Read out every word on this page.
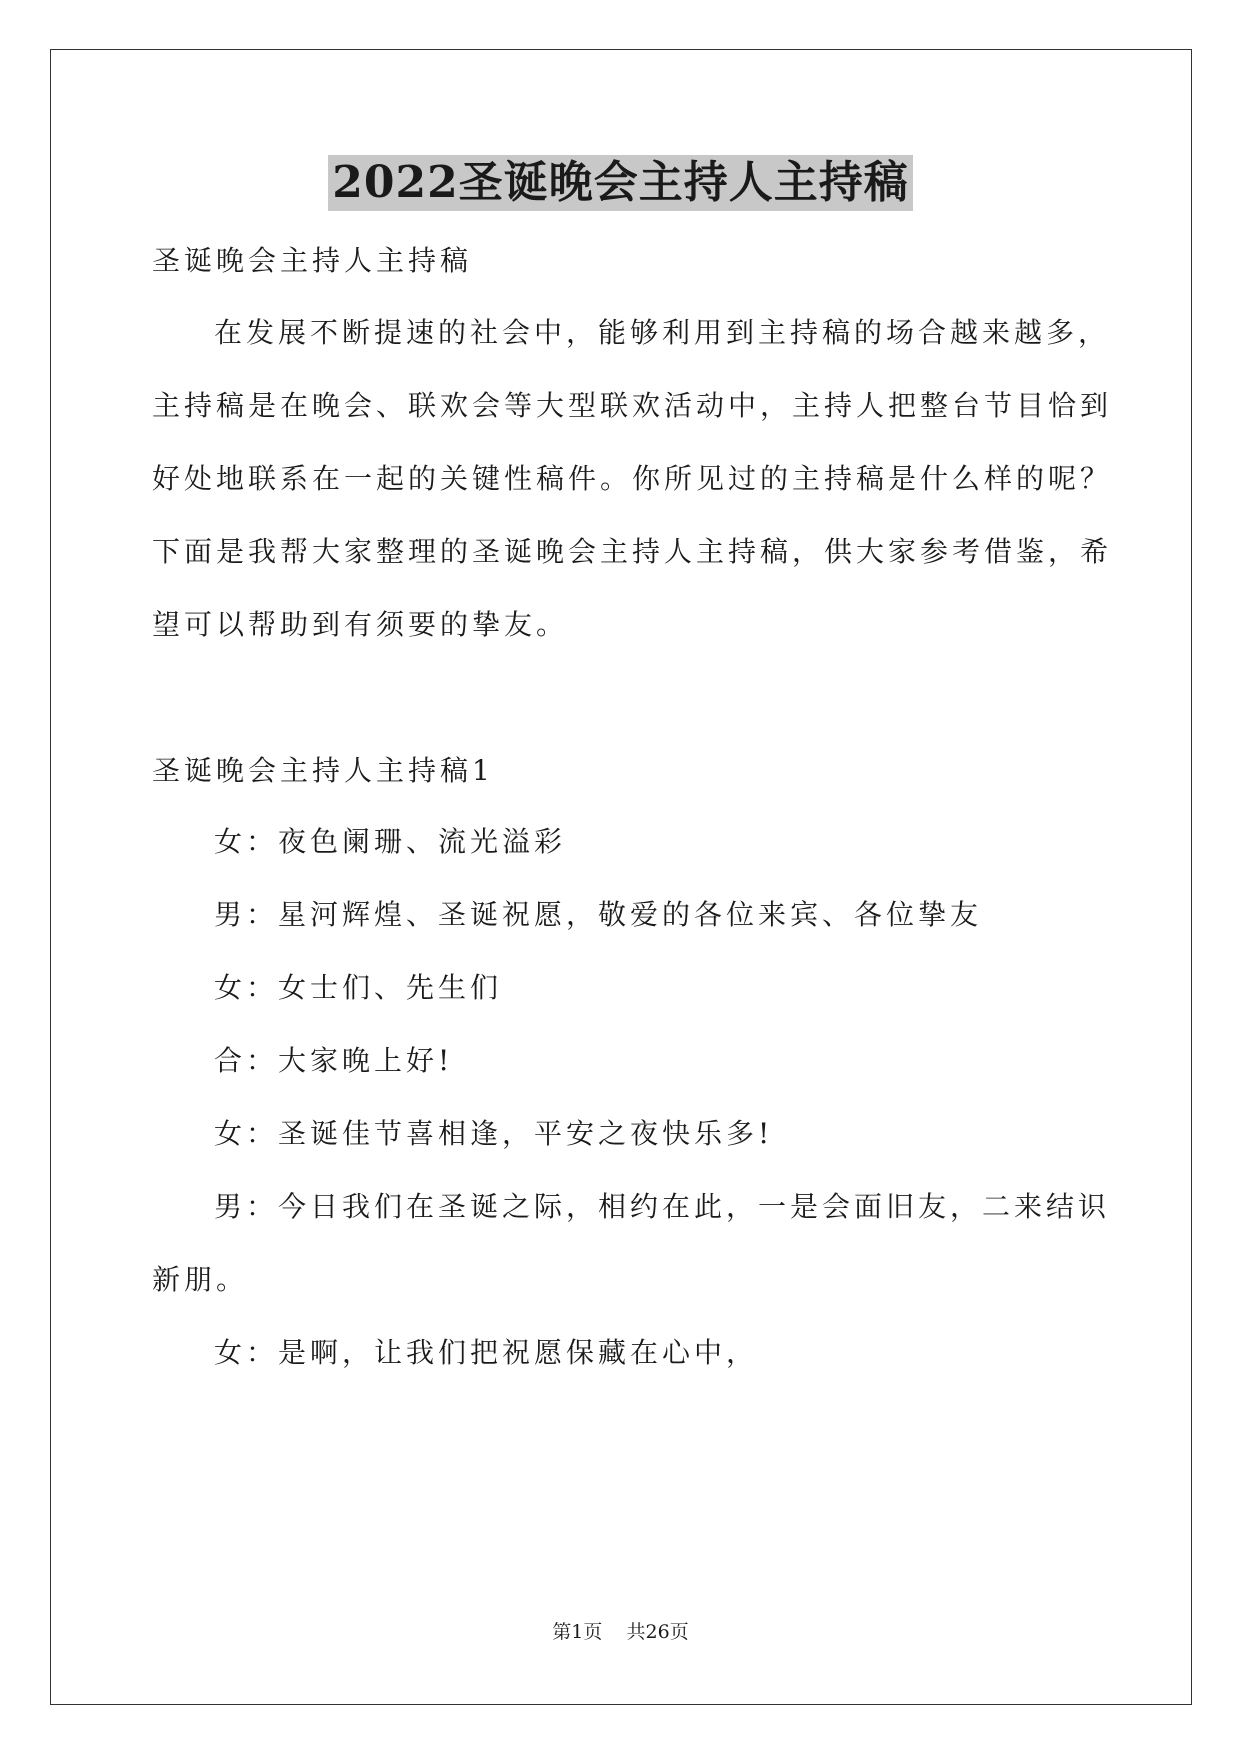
2022圣诞晚会主持人主持稿
圣诞晚会主持人主持稿
在发展不断提速的社会中，能够利用到主持稿的场合越来越多，
主持稿是在晚会、联欢会等大型联欢活动中，主持人把整台节目恰到
好处地联系在一起的关键性稿件。你所见过的主持稿是什么样的呢？
下面是我帮大家整理的圣诞晚会主持人主持稿，供大家参考借鉴，希
望可以帮助到有须要的挚友。
圣诞晚会主持人主持稿1
女：夜色阑珊、流光溢彩
男：星河辉煌、圣诞祝愿，敬爱的各位来宾、各位挚友
女：女士们、先生们
合：大家晚上好!
女：圣诞佳节喜相逢，平安之夜快乐多!
男：今日我们在圣诞之际，相约在此，一是会面旧友，二来结识
新朋。
女：是啊，让我们把祝愿保藏在心中，
第1页 共26页
